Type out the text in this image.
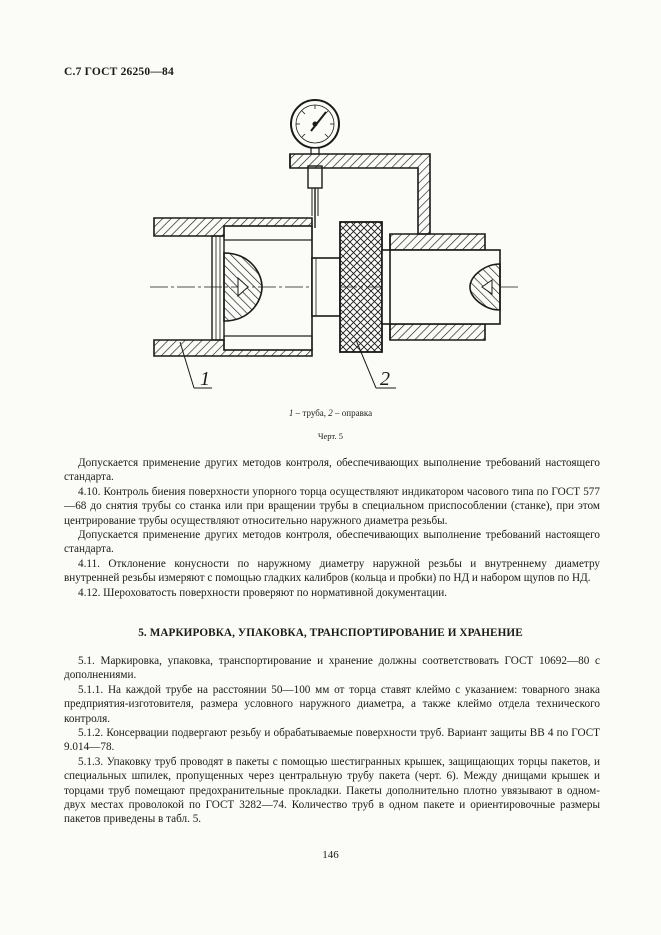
С.7 ГОСТ 26250—84
1	2
1 – труба, 2 – оправка
Черт. 5

Допускается применение других методов контроля, обеспечивающих выполнение требований настоящего стандарта.

4.10. Контроль биения поверхности упорного торца осуществляют индикатором часового типа по ГОСТ 577—68 до снятия трубы со станка или при вращении трубы в специальном приспособлении (станке), при этом центрирование трубы осуществляют относительно наружного диаметра резьбы.

Допускается применение других методов контроля, обеспечивающих выполнение требований настоящего стандарта.

4.11. Отклонение конусности по наружному диаметру наружной резьбы и внутреннему диаметру внутренней резьбы измеряют с помощью гладких калибров (кольца и пробки) по НД и набором щупов по НД.

4.12. Шероховатость поверхности проверяют по нормативной документации.

5. МАРКИРОВКА, УПАКОВКА, ТРАНСПОРТИРОВАНИЕ И ХРАНЕНИЕ

5.1. Маркировка, упаковка, транспортирование и хранение должны соответствовать ГОСТ 10692—80 с дополнениями.

5.1.1. На каждой трубе на расстоянии 50—100 мм от торца ставят клеймо с указанием: товарного знака предприятия-изготовителя, размера условного наружного диаметра, а также клеймо отдела технического контроля.

5.1.2. Консервации подвергают резьбу и обрабатываемые поверхности труб. Вариант защиты ВВ 4 по ГОСТ 9.014—78.

5.1.3. Упаковку труб проводят в пакеты с помощью шестигранных крышек, защищающих торцы пакетов, и специальных шпилек, пропущенных через центральную трубу пакета (черт. 6). Между днищами крышек и торцами труб помещают предохранительные прокладки. Пакеты дополнительно плотно увязывают в одном-двух местах проволокой по ГОСТ 3282—74. Количество труб в одном пакете и ориентировочные размеры пакетов приведены в табл. 5.

146
